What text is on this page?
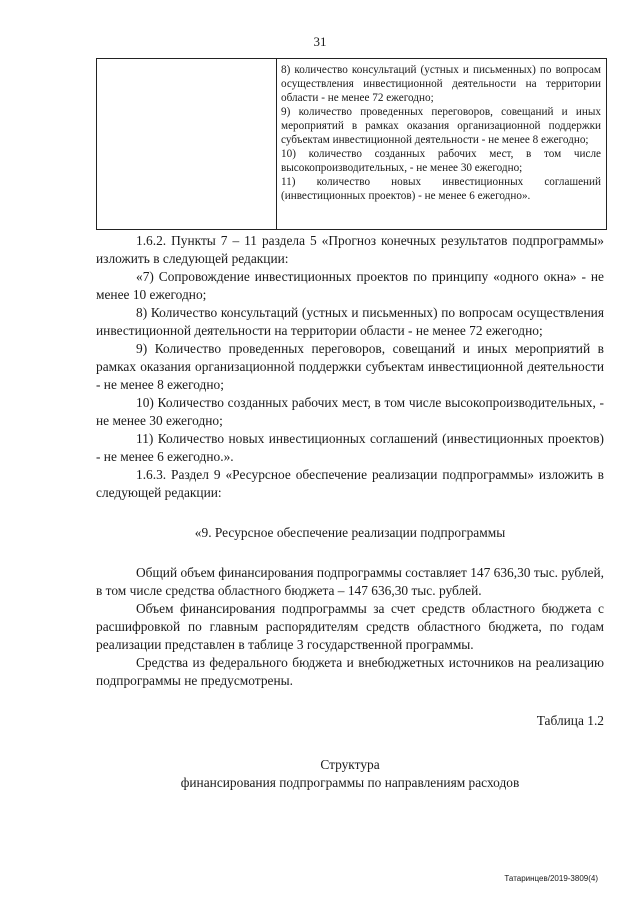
31

8) количество консультаций (устных и письменных) по вопросам осуществления инвестиционной деятельности на территории области - не менее 72 ежегодно;

9) количество проведенных переговоров, совещаний и иных мероприятий в рамках оказания организационной поддержки субъектам инвестиционной деятельности - не менее 8 ежегодно;

10) количество созданных рабочих мест, в том числе высокопроизводительных, - не менее 30 ежегодно;

11) количество новых инвестиционных соглашений (инвестиционных проектов) - не менее 6 ежегодно».

1.6.2. Пункты 7 – 11 раздела 5 «Прогноз конечных результатов подпрограммы» изложить в следующей редакции:

«7) Сопровождение инвестиционных проектов по принципу «одного окна» - не менее 10 ежегодно;

8) Количество консультаций (устных и письменных) по вопросам осуществления инвестиционной деятельности на территории области - не менее 72 ежегодно;

9) Количество проведенных переговоров, совещаний и иных мероприятий в рамках оказания организационной поддержки субъектам инвестиционной деятельности - не менее 8 ежегодно;

10) Количество созданных рабочих мест, в том числе высокопроизводительных, - не менее 30 ежегодно;

11) Количество новых инвестиционных соглашений (инвестиционных проектов) - не менее 6 ежегодно.».

1.6.3. Раздел 9 «Ресурсное обеспечение реализации подпрограммы» изложить в следующей редакции:

«9. Ресурсное обеспечение реализации подпрограммы

Общий объем финансирования подпрограммы составляет 147 636,30 тыс. рублей, в том числе средства областного бюджета – 147 636,30 тыс. рублей.

Объем финансирования подпрограммы за счет средств областного бюджета с расшифровкой по главным распорядителям средств областного бюджета, по годам реализации представлен в таблице 3 государственной программы.

Средства из федерального бюджета и внебюджетных источников на реализацию подпрограммы не предусмотрены.

Таблица 1.2

Структура

финансирования подпрограммы по направлениям расходов

Татаринцев/2019-3809(4)
